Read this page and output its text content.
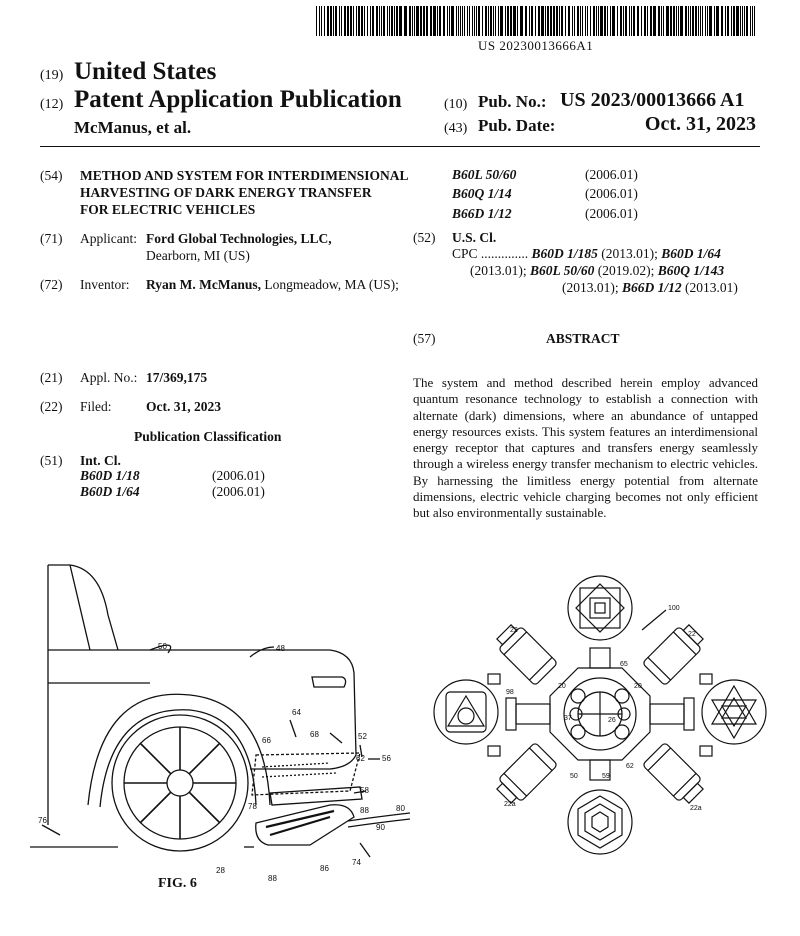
US 20230013666A1
(19) United States
(12) Patent Application Publication
McManus, et al.
(10) Pub. No.: US 2023/00013666 A1
(43) Pub. Date:	Oct. 31, 2023
(54) METHOD AND SYSTEM FOR INTERDIMENSIONAL
HARVESTING OF DARK ENERGY TRANSFER
FOR ELECTRIC VEHICLES
(71) Applicant: Ford Global Technologies, LLC,
Dearborn, MI (US)
(72) Inventor: Ryan M. McManus, Longmeadow, MA (US);
(21) Appl. No.: 17/369,175
(22) Filed:	Oct. 31, 2023
Publication Classification
(51) Int. Cl.
B60D 1/18	(2006.01)
B60D 1/64	(2006.01)
B60L 50/60	(2006.01)
B60Q 1/14	(2006.01)
B66D 1/12	(2006.01)
(52) U.S. Cl.
CPC .............. B60D 1/185 (2013.01); B60D 1/64
(2013.01); B60L 50/60 (2019.02); B60Q 1/143
(2013.01); B66D 1/12 (2013.01)
(57)	ABSTRACT
The system and method described herein employ advanced quantum resonance technology to establish a connection with alternate (dark) dimensions, where an abundance of untapped energy resources exists. This system features an interdimensional energy receptor that captures and transfers energy seamlessly through a wireless energy transfer mechanism to electric vehicles. By harnessing the limitless energy potential from alternate dimensions, electric vehicle charging becomes not only efficient but also environmentally sustainable.
50	48
64
66
68	52
62 56
58
78	88	80
90
76
74
86
88
28
FIG. 6
22
22
98
20	20
22a
22a
37	26
50	59
62
65
100
